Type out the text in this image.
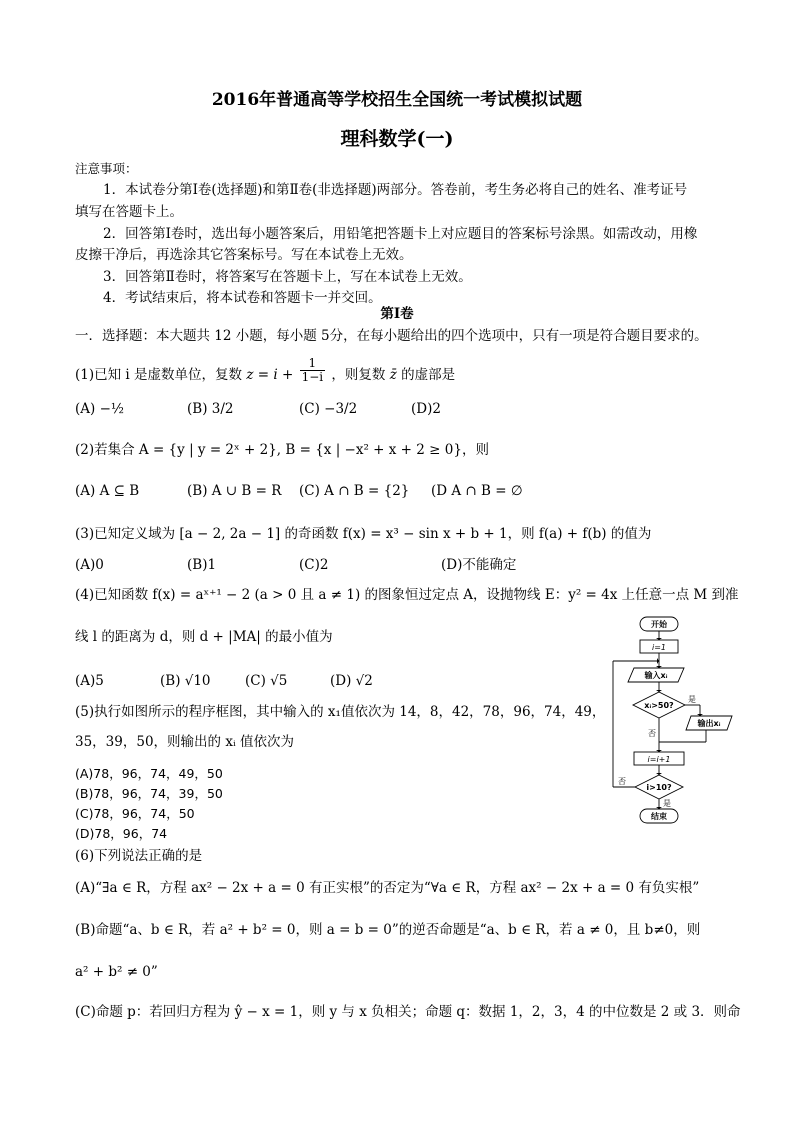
2016年普通高等学校招生全国统一考试模拟试题
理科数学(一)
注意事项：
1．本试卷分第Ⅰ卷(选择题)和第Ⅱ卷(非选择题)两部分。答卷前，考生务必将自己的姓名、准考证号
填写在答题卡上。
2．回答第Ⅰ卷时，选出每小题答案后，用铅笔把答题卡上对应题目的答案标号涂黑。如需改动，用橡
皮擦干净后，再选涂其它答案标号。写在本试卷上无效。
3．回答第Ⅱ卷时，将答案写在答题卡上，写在本试卷上无效。
4．考试结束后，将本试卷和答题卡一并交回。
第Ⅰ卷
一．选择题：本大题共 12 小题，每小题 5分，在每小题给出的四个选项中，只有一项是符合题目要求的。
(1)已知 i 是虚数单位，复数 $z = i + \frac{1}{1-i}$ ，则复数 z̄ 的虚部是
(A) −½	(B) 3/2	(C) −3/2	(D)2
(2)若集合 A = {y | y = 2ˣ + 2}, B = {x | −x² + x + 2 ≥ 0}，则
(A) A ⊆ B	(B) A ∪ B = R (C) A ∩ B = {2} (D A ∩ B = ∅
(3)已知定义域为 [a − 2, 2a − 1] 的奇函数 f(x) = x³ − sin x + b + 1，则 f(a) + f(b) 的值为
(A)0	(B)1	(C)2	(D)不能确定
(4)已知函数 f(x) = aˣ⁺¹ − 2 (a > 0 且 a ≠ 1) 的图象恒过定点 A，设抛物线 E：y² = 4x 上任意一点 M 到准
线 l 的距离为 d，则 d + |MA| 的最小值为
(A)5	(B) √10	(C) √5	(D) √2
(5)执行如图所示的程序框图，其中输入的 x₁值依次为 14，8，42，78，96，74，49，
35，39，50，则输出的 xᵢ 值依次为
(A)78，96，74，49，50
(B)78，96，74，39，50
(C)78，96，74，50
(D)78，96，74
(6)下列说法正确的是
(A)“∃a ∈ R，方程 ax² − 2x + a = 0 有正实根”的否定为“∀a ∈ R，方程 ax² − 2x + a = 0 有负实根”
(B)命题“a、b ∈ R，若 a² + b² = 0，则 a = b = 0”的逆否命题是“a、b ∈ R，若 a ≠ 0，且 b≠0，则
a² + b² ≠ 0”
(C)命题 p：若回归方程为 ŷ − x = 1，则 y 与 x 负相关；命题 q：数据 1，2，3，4 的中位数是 2 或 3．则命
开始
i=1
输入xᵢ
xᵢ>50?
是
输出xᵢ
否
i=i+1
i>10?
否
是
结束
